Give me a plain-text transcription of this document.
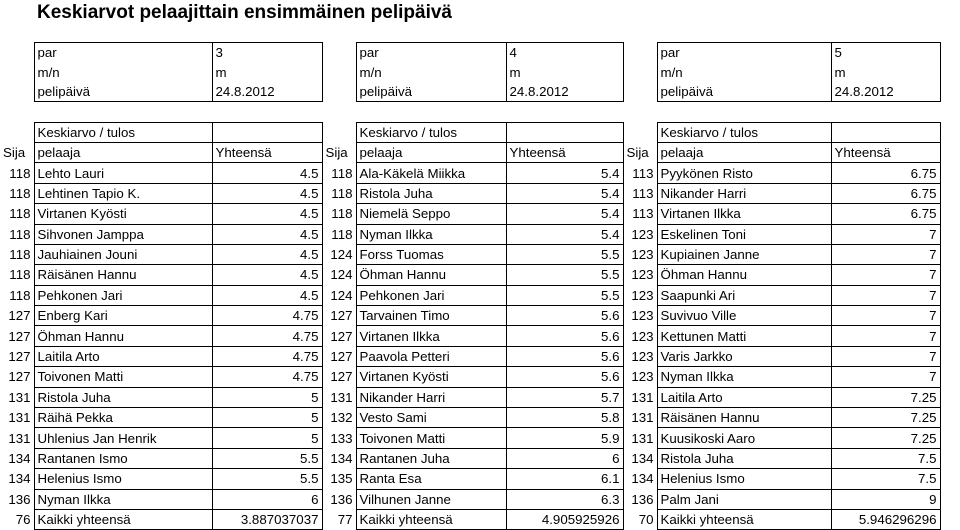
Keskiarvot pelaajittain ensimmäinen pelipäivä
	par	3		par	4		par	5
	m/n	m		m/n	m		m/n	m
	pelipäivä	24.8.2012		pelipäivä	24.8.2012		pelipäivä	24.8.2012

	Keskiarvo / tulos			Keskiarvo / tulos			Keskiarvo / tulos	
Sija	pelaaja	Yhteensä	Sija	pelaaja	Yhteensä	Sija	pelaaja	Yhteensä
118	Lehto Lauri	4.5	118	Ala-Käkelä Miikka	5.4	113	Pyykönen Risto	6.75
118	Lehtinen Tapio K.	4.5	118	Ristola Juha	5.4	113	Nikander Harri	6.75
118	Virtanen Kyösti	4.5	118	Niemelä Seppo	5.4	113	Virtanen Ilkka	6.75
118	Sihvonen Jamppa	4.5	118	Nyman Ilkka	5.4	123	Eskelinen Toni	7
118	Jauhiainen Jouni	4.5	124	Forss Tuomas	5.5	123	Kupiainen Janne	7
118	Räisänen Hannu	4.5	124	Öhman Hannu	5.5	123	Öhman Hannu	7
118	Pehkonen Jari	4.5	124	Pehkonen Jari	5.5	123	Saapunki Ari	7
127	Enberg Kari	4.75	127	Tarvainen Timo	5.6	123	Suvivuo Ville	7
127	Öhman Hannu	4.75	127	Virtanen Ilkka	5.6	123	Kettunen Matti	7
127	Laitila Arto	4.75	127	Paavola Petteri	5.6	123	Varis Jarkko	7
127	Toivonen Matti	4.75	127	Virtanen Kyösti	5.6	123	Nyman Ilkka	7
131	Ristola Juha	5	131	Nikander Harri	5.7	131	Laitila Arto	7.25
131	Räihä Pekka	5	132	Vesto Sami	5.8	131	Räisänen Hannu	7.25
131	Uhlenius Jan Henrik	5	133	Toivonen Matti	5.9	131	Kuusikoski Aaro	7.25
134	Rantanen Ismo	5.5	134	Rantanen Juha	6	134	Ristola Juha	7.5
134	Helenius Ismo	5.5	135	Ranta Esa	6.1	134	Helenius Ismo	7.5
136	Nyman Ilkka	6	136	Vilhunen Janne	6.3	136	Palm Jani	9
76	Kaikki yhteensä	3.887037037	77	Kaikki yhteensä	4.905925926	70	Kaikki yhteensä	5.946296296
